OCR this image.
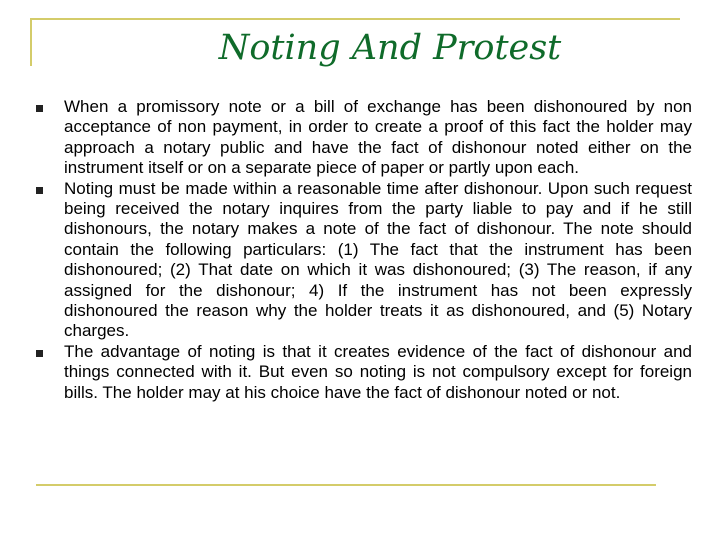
Noting And Protest
When a promissory note or a bill of exchange has been dishonoured by non acceptance of non payment, in order to create a proof of this fact the holder may approach a notary public and have the fact of dishonour noted either on the instrument itself or on a separate piece of paper or partly upon each.
Noting must be made within a reasonable time after dishonour. Upon such request being received the notary inquires from the party liable to pay and if he still dishonours, the notary makes a note of the fact of dishonour. The note should contain the following particulars: (1) The fact that the instrument has been dishonoured; (2) That date on which it was dishonoured; (3) The reason, if any assigned for the dishonour; 4) If the instrument has not been expressly dishonoured the reason why the holder treats it as dishonoured, and (5) Notary charges.
The advantage of noting is that it creates evidence of the fact of dishonour and things connected with it. But even so noting is not compulsory except for foreign bills. The holder may at his choice have the fact of dishonour noted or not.
